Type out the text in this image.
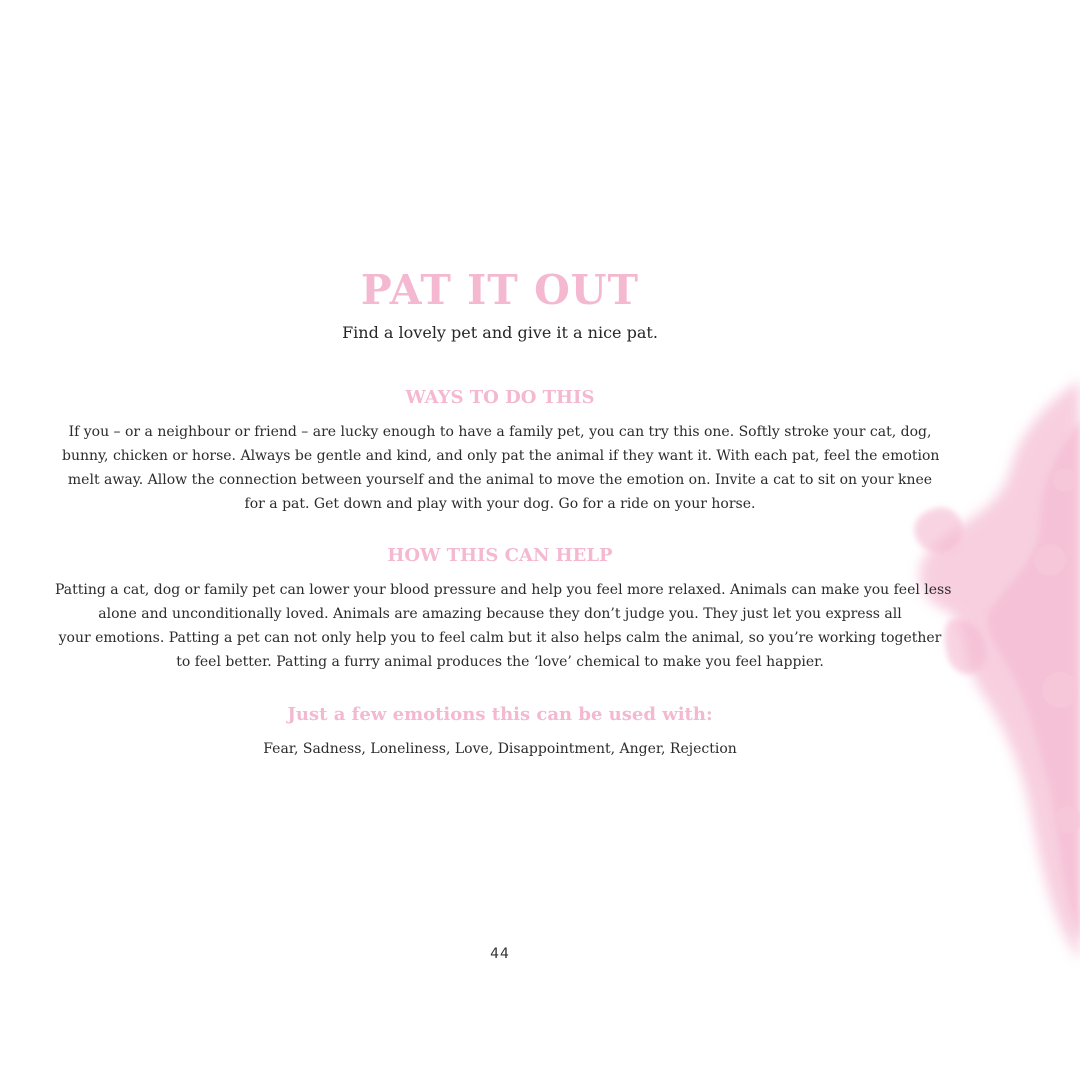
PAT IT OUT

Find a lovely pet and give it a nice pat.

WAYS TO DO THIS

If you – or a neighbour or friend – are lucky enough to have a family pet, you can try this one. Softly stroke your cat, dog,
bunny, chicken or horse. Always be gentle and kind, and only pat the animal if they want it. With each pat, feel the emotion
melt away. Allow the connection between yourself and the animal to move the emotion on. Invite a cat to sit on your knee
for a pat. Get down and play with your dog. Go for a ride on your horse.

HOW THIS CAN HELP

Patting a cat, dog or family pet can lower your blood pressure and help you feel more relaxed. Animals can make you feel less
alone and unconditionally loved. Animals are amazing because they don’t judge you. They just let you express all
your emotions. Patting a pet can not only help you to feel calm but it also helps calm the animal, so you’re working together
to feel better. Patting a furry animal produces the ‘love’ chemical to make you feel happier.

Just a few emotions this can be used with:

Fear, Sadness, Loneliness, Love, Disappointment, Anger, Rejection

44
